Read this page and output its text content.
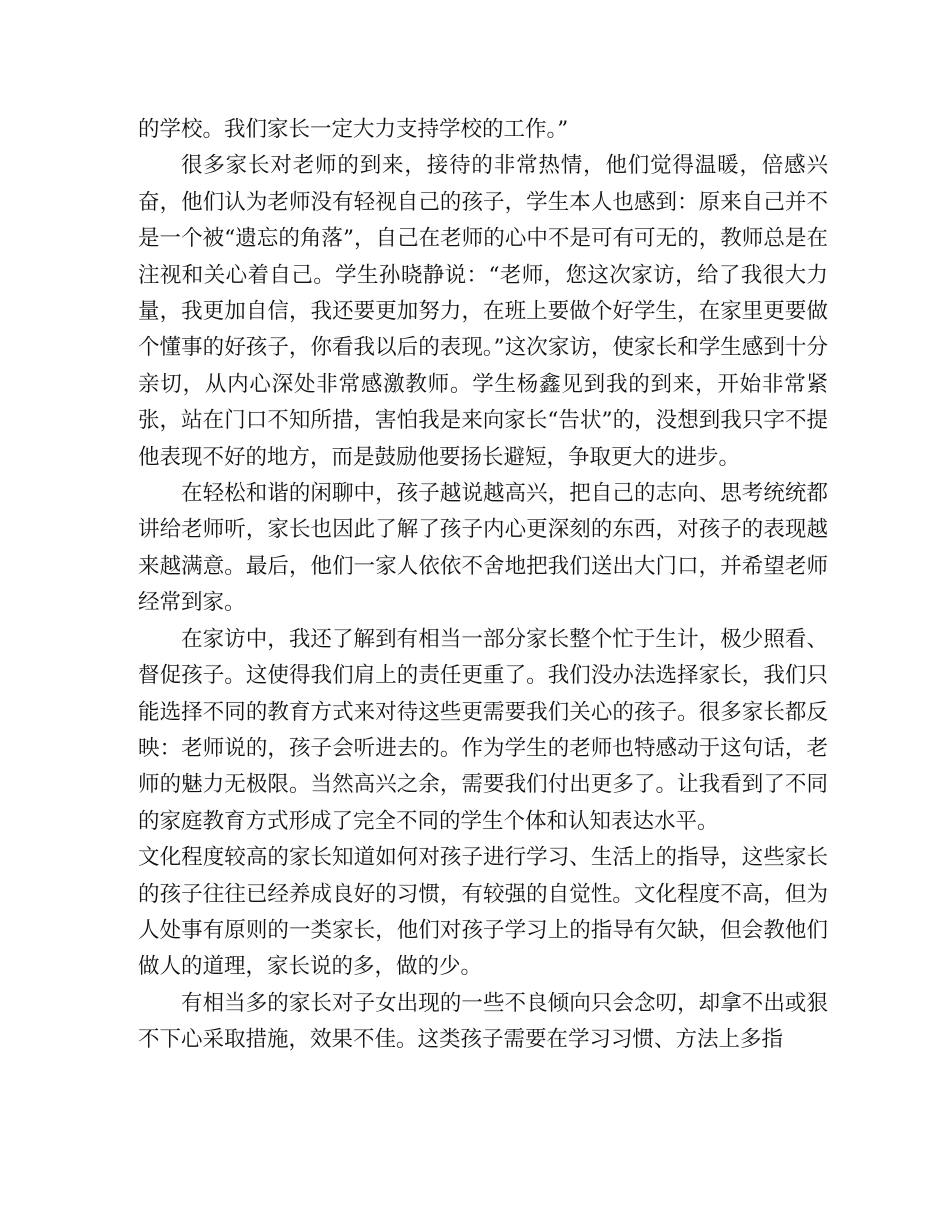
的学校。我们家长一定大力支持学校的工作。”

很多家长对老师的到来，接待的非常热情，他们觉得温暖，倍感兴奋，他们认为老师没有轻视自己的孩子，学生本人也感到：原来自己并不是一个被“遗忘的角落”，自己在老师的心中不是可有可无的，教师总是在注视和关心着自己。学生孙晓静说：“老师，您这次家访，给了我很大力量，我更加自信，我还要更加努力，在班上要做个好学生，在家里更要做个懂事的好孩子，你看我以后的表现。”这次家访，使家长和学生感到十分亲切，从内心深处非常感激教师。学生杨鑫见到我的到来，开始非常紧张，站在门口不知所措，害怕我是来向家长“告状”的，没想到我只字不提他表现不好的地方，而是鼓励他要扬长避短，争取更大的进步。

在轻松和谐的闲聊中，孩子越说越高兴，把自己的志向、思考统统都讲给老师听，家长也因此了解了孩子内心更深刻的东西，对孩子的表现越来越满意。最后，他们一家人依依不舍地把我们送出大门口，并希望老师经常到家。

在家访中，我还了解到有相当一部分家长整个忙于生计，极少照看、督促孩子。这使得我们肩上的责任更重了。我们没办法选择家长，我们只能选择不同的教育方式来对待这些更需要我们关心的孩子。很多家长都反映：老师说的，孩子会听进去的。作为学生的老师也特感动于这句话，老师的魅力无极限。当然高兴之余，需要我们付出更多了。让我看到了不同的家庭教育方式形成了完全不同的学生个体和认知表达水平。

文化程度较高的家长知道如何对孩子进行学习、生活上的指导，这些家长的孩子往往已经养成良好的习惯，有较强的自觉性。文化程度不高，但为人处事有原则的一类家长，他们对孩子学习上的指导有欠缺，但会教他们做人的道理，家长说的多，做的少。

有相当多的家长对子女出现的一些不良倾向只会念叨，却拿不出或狠不下心采取措施，效果不佳。这类孩子需要在学习习惯、方法上多指
